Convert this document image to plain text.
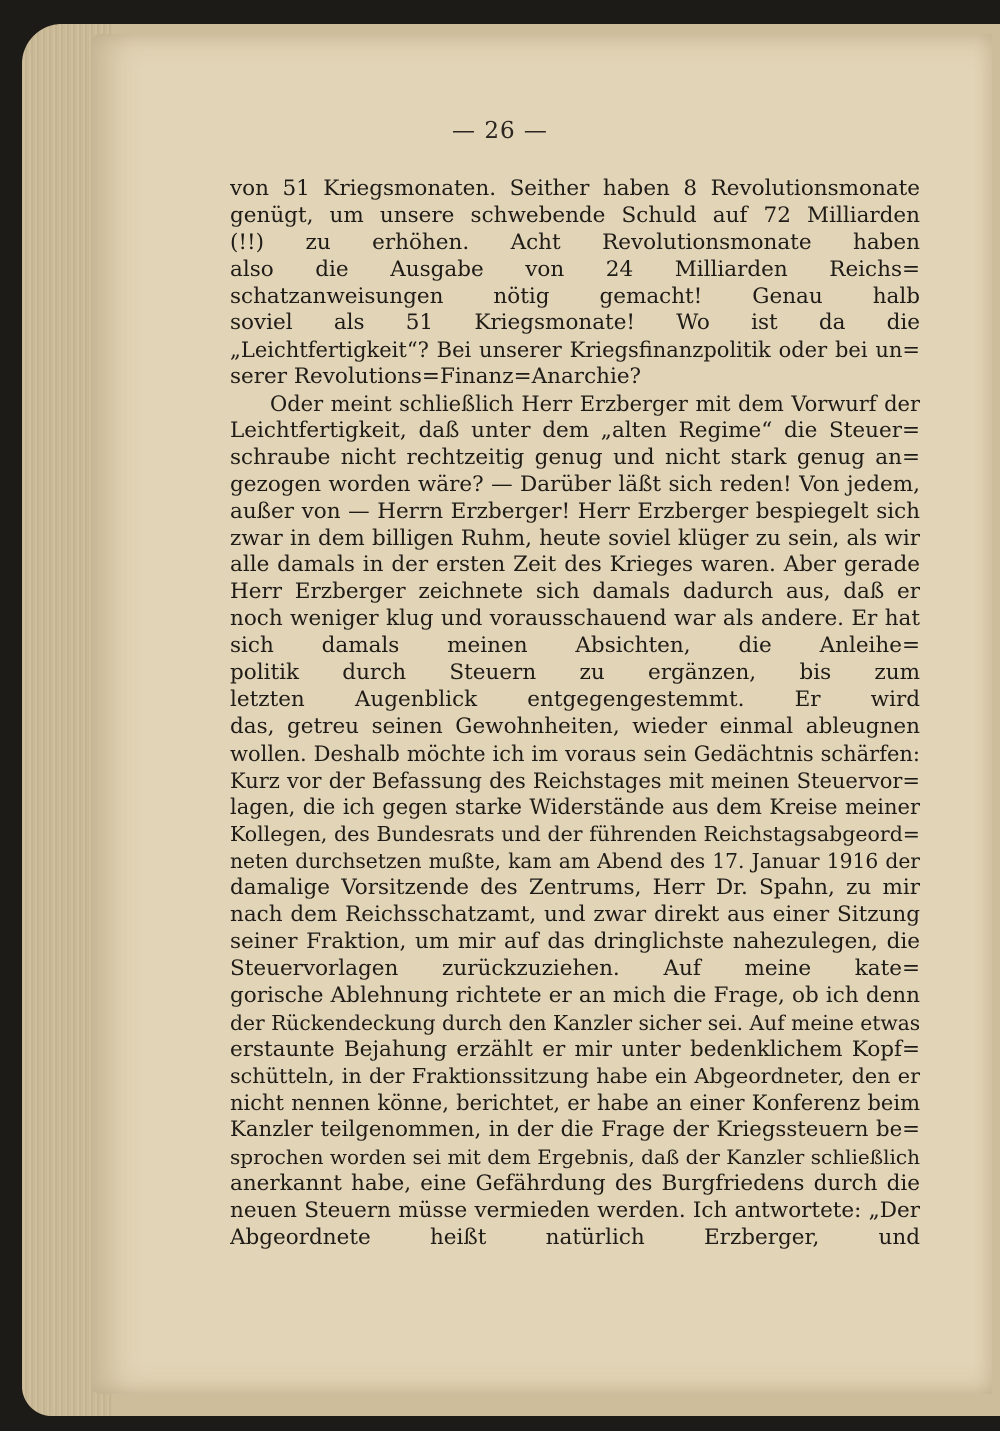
— 26 —
von 51 Kriegsmonaten. Seither haben 8 Revolutionsmonate
genügt, um unsere schwebende Schuld auf 72 Milliarden
(!!) zu erhöhen. Acht Revolutionsmonate haben
also die Ausgabe von 24 Milliarden Reichs=
schatzanweisungen nötig gemacht! Genau halb
soviel als 51 Kriegsmonate! Wo ist da die
„Leichtfertigkeit“? Bei unserer Kriegsfinanzpolitik oder bei un=
serer Revolutions=Finanz=Anarchie?
Oder meint schließlich Herr Erzberger mit dem Vorwurf der
Leichtfertigkeit, daß unter dem „alten Regime“ die Steuer=
schraube nicht rechtzeitig genug und nicht stark genug an=
gezogen worden wäre? — Darüber läßt sich reden! Von jedem,
außer von — Herrn Erzberger! Herr Erzberger bespiegelt sich
zwar in dem billigen Ruhm, heute soviel klüger zu sein, als wir
alle damals in der ersten Zeit des Krieges waren. Aber gerade
Herr Erzberger zeichnete sich damals dadurch aus, daß er
noch weniger klug und vorausschauend war als andere. Er hat
sich damals meinen Absichten, die Anleihe=
politik durch Steuern zu ergänzen, bis zum
letzten Augenblick entgegengestemmt. Er wird
das, getreu seinen Gewohnheiten, wieder einmal ableugnen
wollen. Deshalb möchte ich im voraus sein Gedächtnis schärfen:
Kurz vor der Befassung des Reichstages mit meinen Steuervor=
lagen, die ich gegen starke Widerstände aus dem Kreise meiner
Kollegen, des Bundesrats und der führenden Reichstagsabgeord=
neten durchsetzen mußte, kam am Abend des 17. Januar 1916 der
damalige Vorsitzende des Zentrums, Herr Dr. Spahn, zu mir
nach dem Reichsschatzamt, und zwar direkt aus einer Sitzung
seiner Fraktion, um mir auf das dringlichste nahezulegen, die
Steuervorlagen zurückzuziehen. Auf meine kate=
gorische Ablehnung richtete er an mich die Frage, ob ich denn
der Rückendeckung durch den Kanzler sicher sei. Auf meine etwas
erstaunte Bejahung erzählt er mir unter bedenklichem Kopf=
schütteln, in der Fraktionssitzung habe ein Abgeordneter, den er
nicht nennen könne, berichtet, er habe an einer Konferenz beim
Kanzler teilgenommen, in der die Frage der Kriegssteuern be=
sprochen worden sei mit dem Ergebnis, daß der Kanzler schließlich
anerkannt habe, eine Gefährdung des Burgfriedens durch die
neuen Steuern müsse vermieden werden. Ich antwortete: „Der
Abgeordnete heißt natürlich Erzberger, und
